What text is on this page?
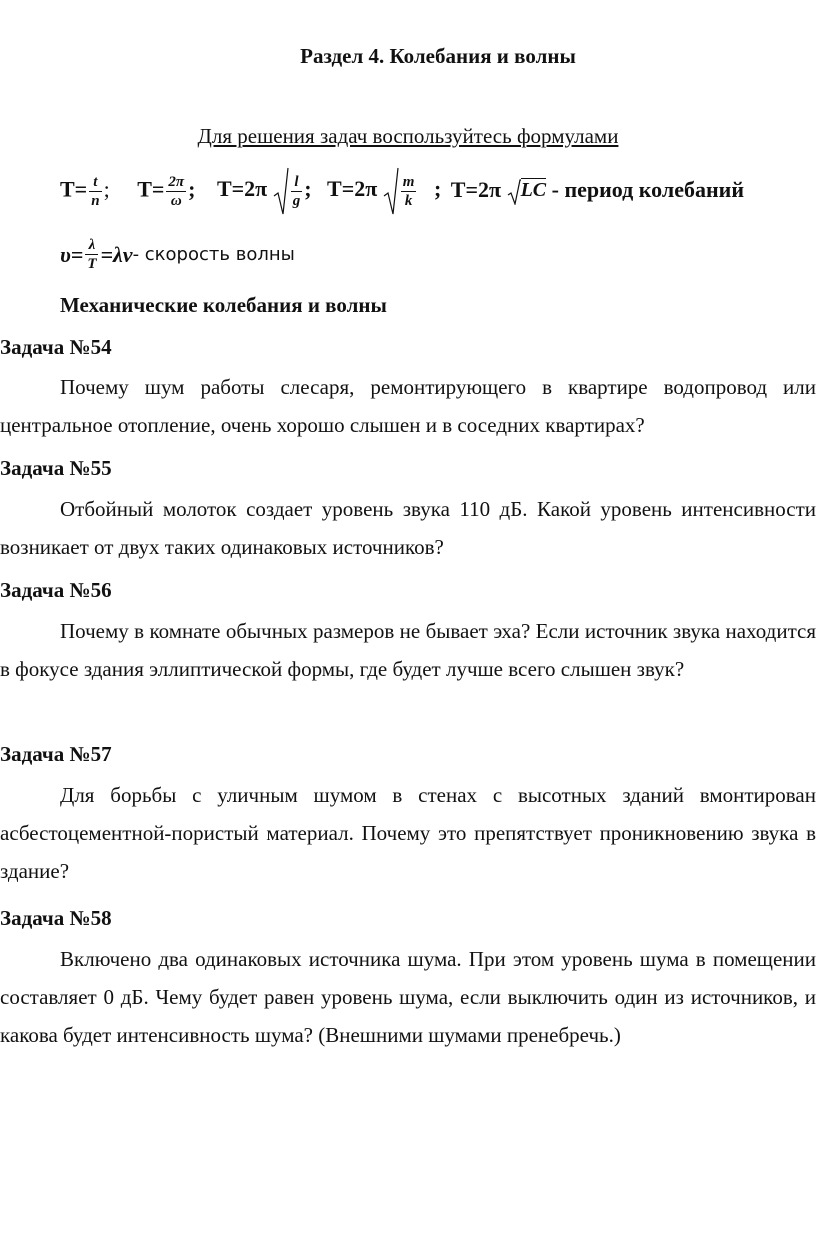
Раздел 4. Колебания и волны
Для решения задач воспользуйтесь формулами
$T= \frac{t}{n}$ ; $T= \frac{2\pi}{\omega}$ ; $T=2\pi \frac{l}{g}$ ; $T=2\pi \frac{m}{k}$ ; T=2π LC - период колебаний
$\upsilon= \frac{\lambda}{T} =\lambda\nu-$ скорость волны
Механические колебания и волны
Задача №54
Почему шум работы слесаря, ремонтирующего в квартире водопровод или центральное отопление, очень хорошо слышен и в соседних квартирах?
Задача №55
Отбойный молоток создает уровень звука 110 дБ. Какой уровень интенсивности возникает от двух таких одинаковых источников?
Задача №56
Почему в комнате обычных размеров не бывает эха? Если источник звука находится в фокусе здания эллиптической формы, где будет лучше всего слышен звук?
Задача №57
Для борьбы с уличным шумом в стенах с высотных зданий вмонтирован асбестоцементной-пористый материал. Почему это препятствует проникновению звука в здание?
Задача №58
Включено два одинаковых источника шума. При этом уровень шума в помещении составляет 0 дБ. Чему будет равен уровень шума, если выключить один из источников, и какова будет интенсивность шума? (Внешними шумами пренебречь.)
